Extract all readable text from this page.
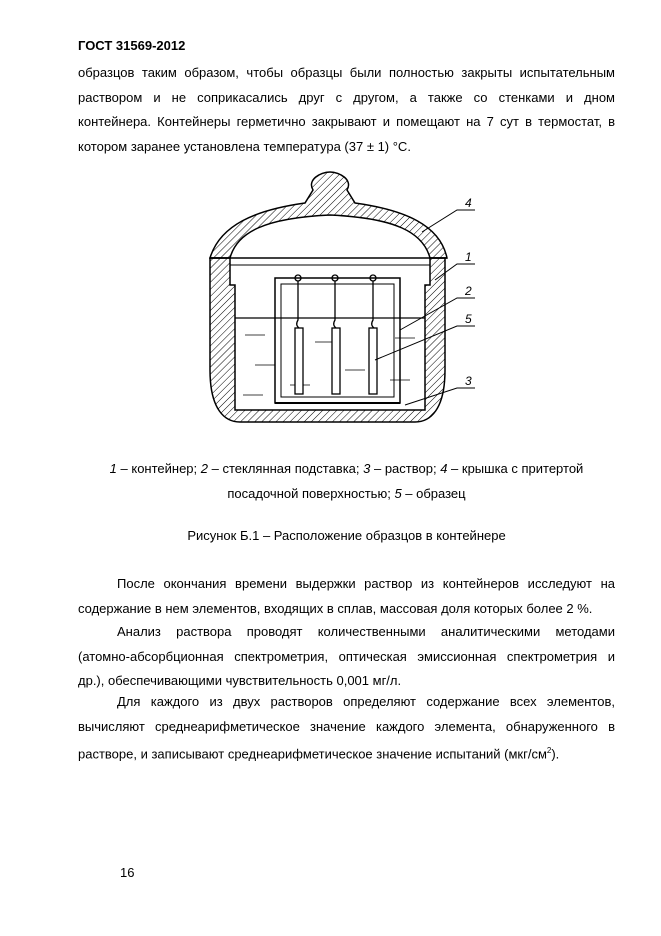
ГОСТ 31569-2012
образцов таким образом, чтобы образцы были полностью закрыты испытательным
раствором и не соприкасались друг с другом, а также со стенками и дном
контейнера. Контейнеры герметично закрывают и помещают на 7 сут в термостат, в
котором заранее установлена температура (37 ± 1) °С.
4
1
2
5
3
1 – контейнер; 2 – стеклянная подставка; 3 – раствор; 4 – крышка с притертой
посадочной поверхностью; 5 – образец
Рисунок Б.1 – Расположение образцов в контейнере
После окончания времени выдержки раствор из контейнеров исследуют на
содержание в нем элементов, входящих в сплав, массовая доля которых более 2 %.
Анализ раствора проводят количественными аналитическими методами
(атомно-абсорбционная спектрометрия, оптическая эмиссионная спектрометрия и
др.), обеспечивающими чувствительность 0,001 мг/л.
Для каждого из двух растворов определяют содержание всех элементов,
вычисляют среднеарифметическое значение каждого элемента, обнаруженного в
растворе, и записывают среднеарифметическое значение испытаний $(мкг/см^2)$.
16
